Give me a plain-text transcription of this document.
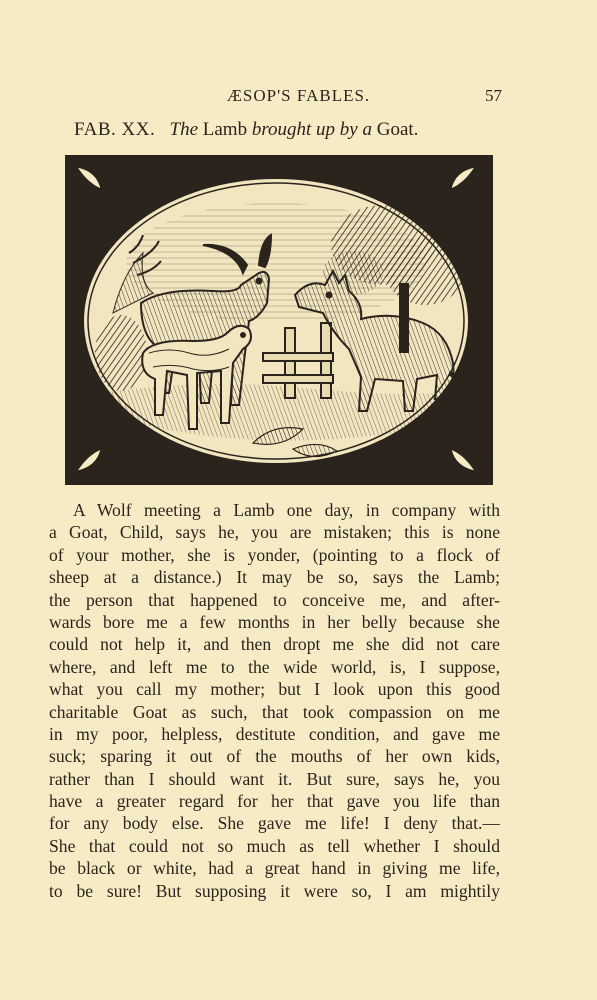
ÆSOP'S FABLES.	57
FAB. XX. The Lamb brought up by a Goat.
A Wolf meeting a Lamb one day, in company with
a Goat, Child, says he, you are mistaken; this is none
of your mother, she is yonder, (pointing to a flock of
sheep at a distance.) It may be so, says the Lamb;
the person that happened to conceive me, and after-
wards bore me a few months in her belly because she
could not help it, and then dropt me she did not care
where, and left me to the wide world, is, I suppose,
what you call my mother; but I look upon this good
charitable Goat as such, that took compassion on me
in my poor, helpless, destitute condition, and gave me
suck; sparing it out of the mouths of her own kids,
rather than I should want it. But sure, says he, you
have a greater regard for her that gave you life than
for any body else. She gave me life! I deny that.—
She that could not so much as tell whether I should
be black or white, had a great hand in giving me life,
to be sure! But supposing it were so, I am mightily
